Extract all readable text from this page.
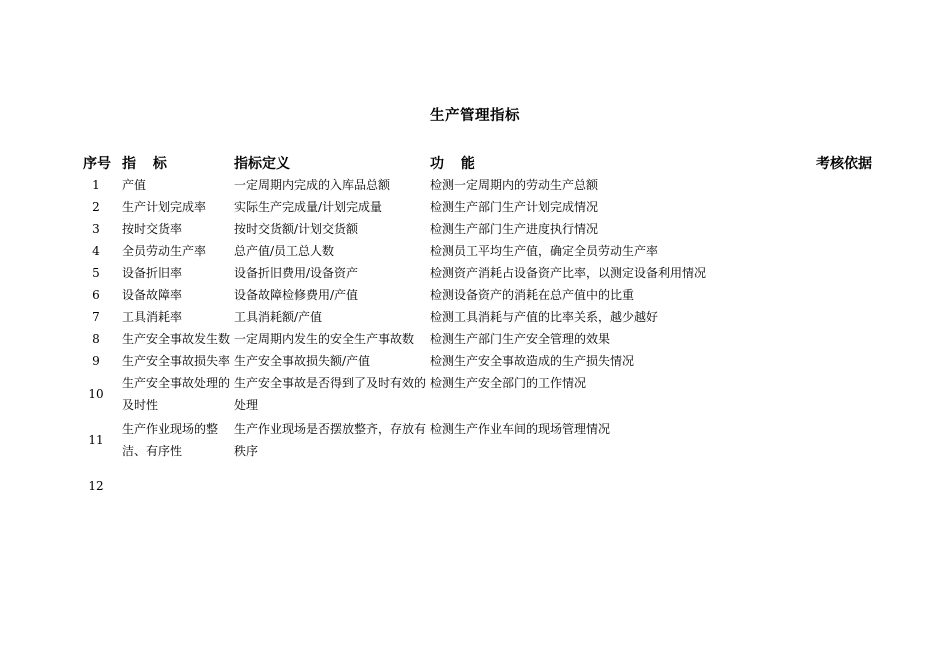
生产管理指标
序号	指 标	指标定义	功 能	考核依据
1	产值	一定周期内完成的入库品总额	检测一定周期内的劳动生产总额	
2	生产计划完成率	实际生产完成量/计划完成量	检测生产部门生产计划完成情况	
3	按时交货率	按时交货额/计划交货额	检测生产部门生产进度执行情况	
4	全员劳动生产率	总产值/员工总人数	检测员工平均生产值，确定全员劳动生产率	
5	设备折旧率	设备折旧费用/设备资产	检测资产消耗占设备资产比率，以测定设备利用情况	
6	设备故障率	设备故障检修费用/产值	检测设备资产的消耗在总产值中的比重	
7	工具消耗率	工具消耗额/产值	检测工具消耗与产值的比率关系，越少越好	
8	生产安全事故发生数	一定周期内发生的安全生产事故数	检测生产部门生产安全管理的效果	
9	生产安全事故损失率	生产安全事故损失额/产值	检测生产安全事故造成的生产损失情况	
10	生产安全事故处理的及时性	生产安全事故是否得到了及时有效的处理	检测生产安全部门的工作情况	
11	生产作业现场的整洁、有序性	生产作业现场是否摆放整齐，存放有秩序	检测生产作业车间的现场管理情况	
12				
